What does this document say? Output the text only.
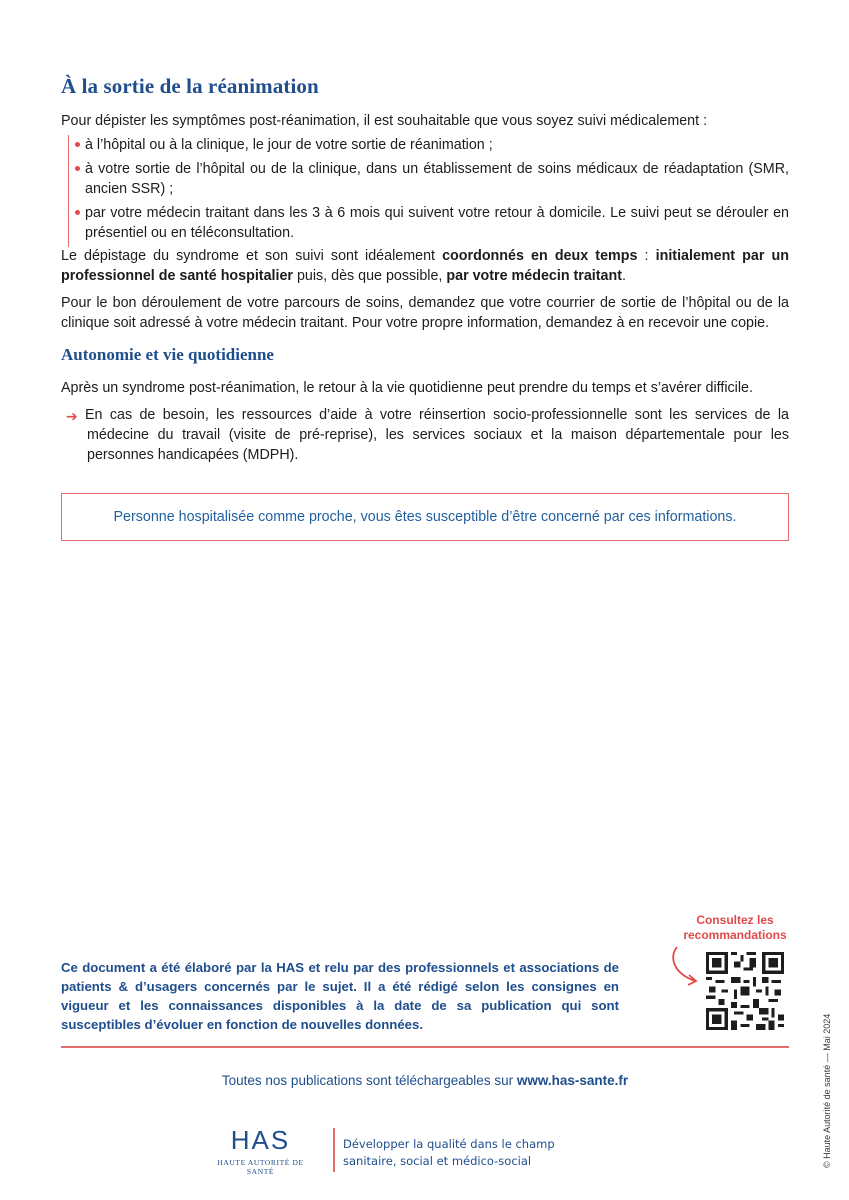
À la sortie de la réanimation

Pour dépister les symptômes post-réanimation, il est souhaitable que vous soyez suivi médicalement :

à l’hôpital ou à la clinique, le jour de votre sortie de réanimation ;
à votre sortie de l’hôpital ou de la clinique, dans un établissement de soins médicaux de réadaptation (SMR, ancien SSR) ;
par votre médecin traitant dans les 3 à 6 mois qui suivent votre retour à domicile. Le suivi peut se dérouler en présentiel ou en téléconsultation.

Le dépistage du syndrome et son suivi sont idéalement coordonnés en deux temps : initialement par un professionnel de santé hospitalier puis, dès que possible, par votre médecin traitant.

Pour le bon déroulement de votre parcours de soins, demandez que votre courrier de sortie de l’hôpital ou de la clinique soit adressé à votre médecin traitant. Pour votre propre information, demandez à en recevoir une copie.

Autonomie et vie quotidienne

Après un syndrome post-réanimation, le retour à la vie quotidienne peut prendre du temps et s’avérer difficile.

➔ En cas de besoin, les ressources d’aide à votre réinsertion socio-professionnelle sont les services de la médecine du travail (visite de pré-reprise), les services sociaux et la maison départementale pour les personnes handicapées (MDPH).

Personne hospitalisée comme proche, vous êtes susceptible d’être concerné par ces informations.
Consultez les recommandations

Ce document a été élaboré par la HAS et relu par des professionnels et associations de patients & d’usagers concernés par le sujet. Il a été rédigé selon les consignes en vigueur et les connaissances disponibles à la date de sa publication qui sont susceptibles d’évoluer en fonction de nouvelles données.

Toutes nos publications sont téléchargeables sur www.has-sante.fr
HAS
HAUTE AUTORITÉ DE SANTÉ
Développer la qualité dans le champ
sanitaire, social et médico-social	© Haute Autorité de santé — Mai 2024
